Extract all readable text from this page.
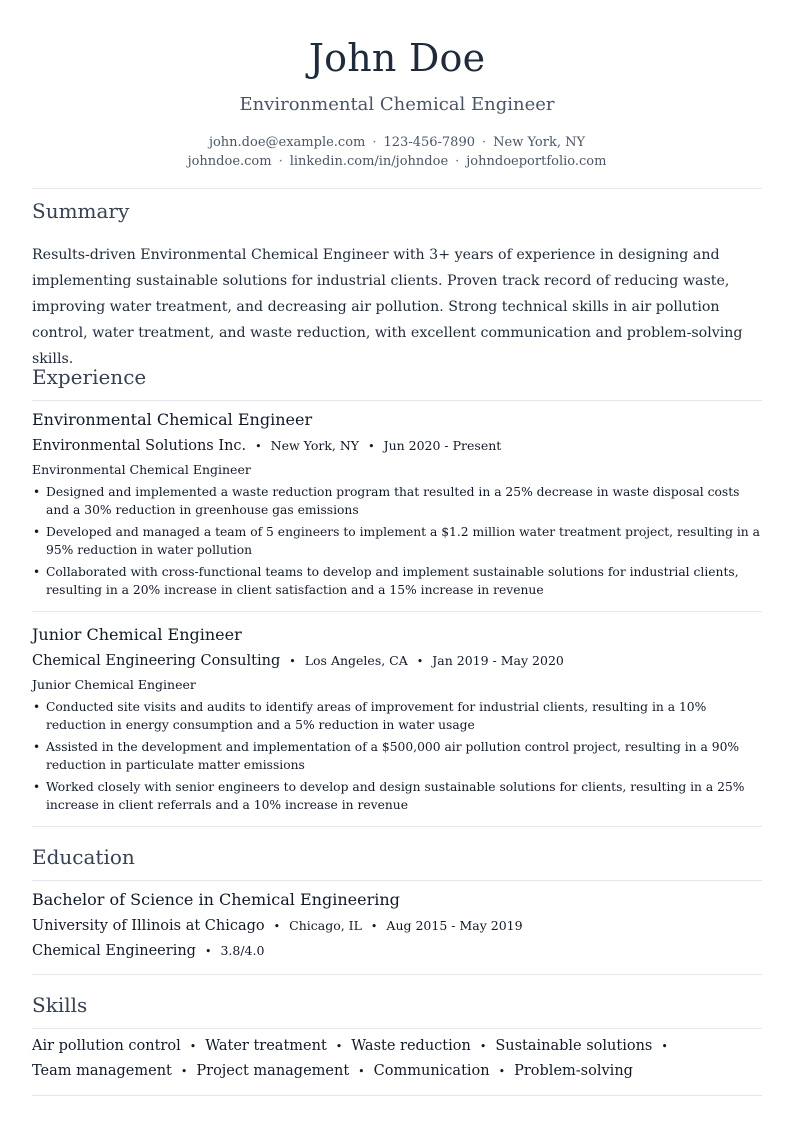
John Doe
Environmental Chemical Engineer
john.doe@example.com · 123-456-7890 · New York, NY
johndoe.com · linkedin.com/in/johndoe · johndoeportfolio.com
Summary
Results-driven Environmental Chemical Engineer with 3+ years of experience in designing and implementing sustainable solutions for industrial clients. Proven track record of reducing waste, improving water treatment, and decreasing air pollution. Strong technical skills in air pollution control, water treatment, and waste reduction, with excellent communication and problem-solving skills.
Experience
Environmental Chemical Engineer
Environmental Solutions Inc. • New York, NY • Jun 2020 - Present
Environmental Chemical Engineer
• Designed and implemented a waste reduction program that resulted in a 25% decrease in waste disposal costs and a 30% reduction in greenhouse gas emissions
• Developed and managed a team of 5 engineers to implement a $1.2 million water treatment project, resulting in a 95% reduction in water pollution
• Collaborated with cross-functional teams to develop and implement sustainable solutions for industrial clients, resulting in a 20% increase in client satisfaction and a 15% increase in revenue
Junior Chemical Engineer
Chemical Engineering Consulting • Los Angeles, CA • Jan 2019 - May 2020
Junior Chemical Engineer
• Conducted site visits and audits to identify areas of improvement for industrial clients, resulting in a 10% reduction in energy consumption and a 5% reduction in water usage
• Assisted in the development and implementation of a $500,000 air pollution control project, resulting in a 90% reduction in particulate matter emissions
• Worked closely with senior engineers to develop and design sustainable solutions for clients, resulting in a 25% increase in client referrals and a 10% increase in revenue
Education
Bachelor of Science in Chemical Engineering
University of Illinois at Chicago • Chicago, IL • Aug 2015 - May 2019
Chemical Engineering • 3.8/4.0
Skills
Air pollution control • Water treatment • Waste reduction • Sustainable solutions •
Team management • Project management • Communication • Problem-solving
